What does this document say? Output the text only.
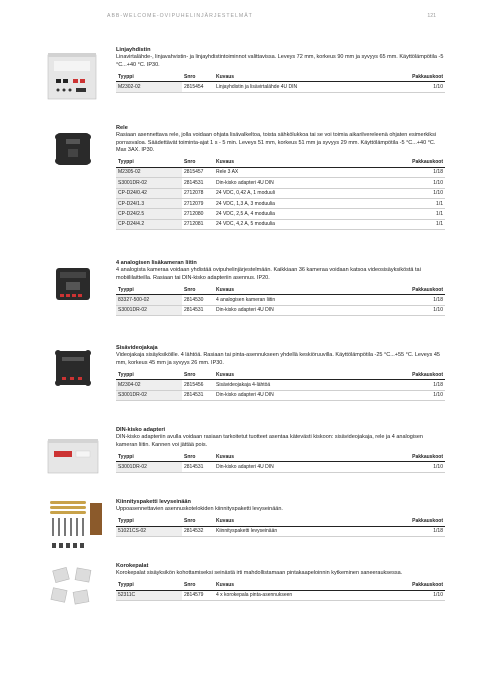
ABB-WELCOME-OVIPUHELINJÄRJESTELMÄT	121

Linjayhdistin

Linavirtalähde-, linjavahvistin- ja linjayhdistintoiminnot valittavissa. Leveys 72 mm, korkeus 90 mm ja syvyys 65 mm. Käyttölämpötila -5 °C...+40 °C. IP30.

Tyyppi	Snro	Kuvaus	Pakkauskoot
M2302-02	2815454	Linjayhdistin ja lisävirtalähde 4U DIN	1/10

Rele

Rasiaan asennettava rele, jolla voidaan ohjata lisävalkeltoa, toista sähkölukkoa tai se voi toimia aikarilvereleenä ohjaten esimerkiksi porrasvaloa. Säädettävät toiminta-ajat 1 s - 5 min. Leveys 51 mm, korkeus 51 mm ja syvyys 29 mm. Käyttölämpötila -5 °C...+40 °C. Max 3AX. IP30.

Tyyppi	Snro	Kuvaus	Pakkauskoot
M2305-02	2815457	Rele 3 AX	1/18
S3001DR-02	2814531	Din-kisko adapteri 4U DIN	1/10
CP-D24/0.42	2712078	24 VDC, 0,42 A, 1 moduuli	1/10
CP-D24/1.3	2712079	24 VDC, 1,3 A, 3 moduulia	1/1
CP-D24/2.5	2712080	24 VDC, 2,5 A, 4 moduulia	1/1
CP-D24/4.2	2712081	24 VDC, 4,2 A, 5 moduulia	1/1

4 analogisen lisäkameran liitin

4 analogista kameraa voidaan yhdistää ovipuhelinjärjestelmään. Kaikkiaan 36 kameraa voidaan katsoa videosisäyksiköstä tai mobiililaitteilla. Rasiaan tai DIN-kisko adapteriin asennus. IP20.

Tyyppi	Snro	Kuvaus	Pakkauskoot
83327-500-02	2814530	4 analogisen kameran liitin	1/18
S3001DR-02	2814531	Din-kisko adapteri 4U DIN	1/10

Sisävideojakaja

Videojakaja sisäyksiköille. 4 lähtöä. Rasiaan tai pinta-asennukseen yhdellä keskiöruuvilla. Käyttölämpötila -25 °C...+55 °C. Leveys 45 mm, korkeus 45 mm ja syvyys 26 mm. IP30.

Tyyppi	Snro	Kuvaus	Pakkauskoot
M2304-02	2815456	Sisävideojakaja 4-lähtöä	1/18
S3001DR-02	2814531	Din-kisko adapteri 4U DIN	1/10

DIN-kisko adapteri

DIN-kisko adapteriin avulla voidaan rasiaan tarkoitetut tuotteet asentaa kätevästi kiskoon: sisävideojakaja, rele ja 4 analogisen kameran liitin. Kannen voi jättää pois.

Tyyppi	Snro	Kuvaus	Pakkauskoot
S3001DR-02	2814531	Din-kisko adapteri 4U DIN	1/10

Kiinnityspaketti levyseinään

Uppoasennettavien asennuskotelokiden kiinnityspaketti levyseinään.

Tyyppi	Snro	Kuvaus	Pakkauskoot
51021CS-02	2814532	Kiinnityspaketti levyseinään	1/18

Korokepalat

Korokepalat sisäyksikön kohottamiseksi seinästä irti mahdollistamaan pintakaapeloinnin kytkeminen saneerauksessa.

Tyyppi	Snro	Kuvaus	Pakkauskoot
52311C	2814579	4 x korokepala pinta-asennukseen	1/10
